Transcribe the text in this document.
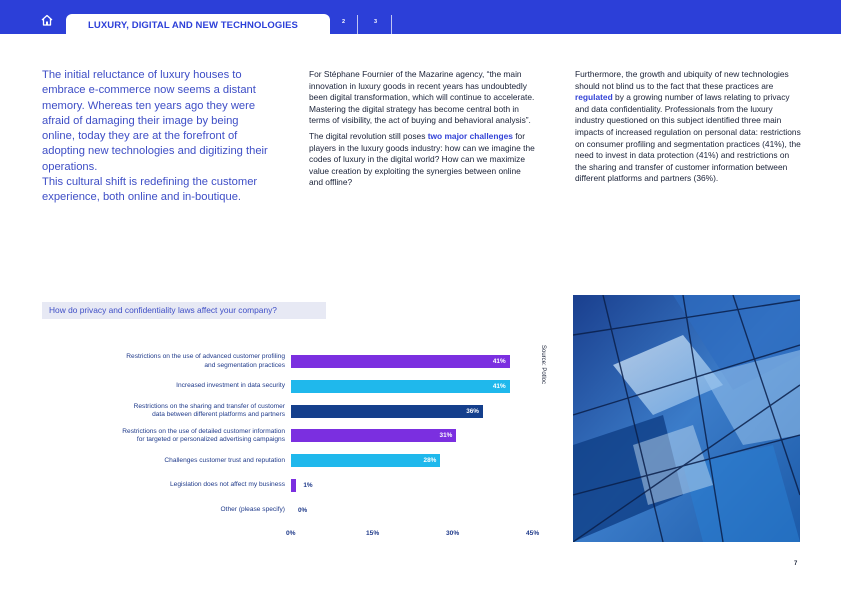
LUXURY, DIGITAL AND NEW TECHNOLOGIES	2	3

The initial reluctance of luxury houses to embrace e-commerce now seems a distant memory. Whereas ten years ago they were afraid of damaging their image by being online, today they are at the forefront of adopting new technologies and digitizing their operations.

This cultural shift is redefining the customer experience, both online and in-boutique.

For Stéphane Fournier of the Mazarine agency, “the main innovation in luxury goods in recent years has undoubtedly been digital transformation, which will continue to accelerate. Mastering the digital strategy has become central both in terms of visibility, the act of buying and behavioral analysis”.

The digital revolution still poses two major challenges for players in the luxury goods industry: how can we imagine the codes of luxury in the digital world? How can we maximize value creation by exploiting the synergies between online and offline?

Furthermore, the growth and ubiquity of new technologies should not blind us to the fact that these practices are regulated by a growing number of laws relating to privacy and data confidentiality. Professionals from the luxury industry questioned on this subject identified three main impacts of increased regulation on personal data: restrictions on consumer profiling and segmentation practices (41%), the need to invest in data protection (41%) and restrictions on the sharing and transfer of customer information between different platforms and partners (36%).

How do privacy and confidentiality laws affect your company?
Restrictions on the use of advanced customer profiling
and segmentation practices	41%
Increased investment in data security	41%
Restrictions on the sharing and transfer of customer
data between different platforms and partners	36%
Restrictions on the use of detailed customer information
for targeted or personalized advertising campaigns	31%
Challenges customer trust and reputation	28%
Legislation does not affect my business	1%
Other (please specify) 0%
0%	15%	30%	45%
Source: Potloc
7
